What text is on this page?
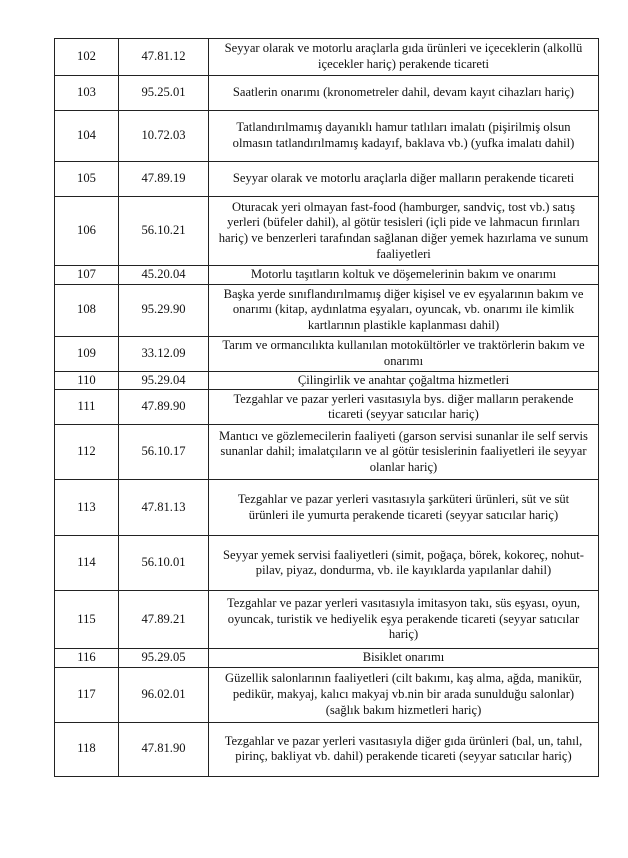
102	47.81.12	Seyyar olarak ve motorlu araçlarla gıda ürünleri ve içeceklerin (alkollü içecekler hariç) perakende ticareti
103	95.25.01	Saatlerin onarımı (kronometreler dahil, devam kayıt cihazları hariç)
104	10.72.03	Tatlandırılmamış dayanıklı hamur tatlıları imalatı (pişirilmiş olsun olmasın tatlandırılmamış kadayıf, baklava vb.) (yufka imalatı dahil)
105	47.89.19	Seyyar olarak ve motorlu araçlarla diğer malların perakende ticareti
106	56.10.21	Oturacak yeri olmayan fast-food (hamburger, sandviç, tost vb.) satış yerleri (büfeler dahil), al götür tesisleri (içli pide ve lahmacun fırınları hariç) ve benzerleri tarafından sağlanan diğer yemek hazırlama ve sunum faaliyetleri
107	45.20.04	Motorlu taşıtların koltuk ve döşemelerinin bakım ve onarımı
108	95.29.90	Başka yerde sınıflandırılmamış diğer kişisel ve ev eşyalarının bakım ve onarımı (kitap, aydınlatma eşyaları, oyuncak, vb. onarımı ile kimlik kartlarının plastikle kaplanması dahil)
109	33.12.09	Tarım ve ormancılıkta kullanılan motokültörler ve traktörlerin bakım ve onarımı
110	95.29.04	Çilingirlik ve anahtar çoğaltma hizmetleri
111	47.89.90	Tezgahlar ve pazar yerleri vasıtasıyla bys. diğer malların perakende ticareti (seyyar satıcılar hariç)
112	56.10.17	Mantıcı ve gözlemecilerin faaliyeti (garson servisi sunanlar ile self servis sunanlar dahil; imalatçıların ve al götür tesislerinin faaliyetleri ile seyyar olanlar hariç)
113	47.81.13	Tezgahlar ve pazar yerleri vasıtasıyla şarküteri ürünleri, süt ve süt ürünleri ile yumurta perakende ticareti (seyyar satıcılar hariç)
114	56.10.01	Seyyar yemek servisi faaliyetleri (simit, poğaça, börek, kokoreç, nohut-pilav, piyaz, dondurma, vb. ile kayıklarda yapılanlar dahil)
115	47.89.21	Tezgahlar ve pazar yerleri vasıtasıyla imitasyon takı, süs eşyası, oyun, oyuncak, turistik ve hediyelik eşya perakende ticareti (seyyar satıcılar hariç)
116	95.29.05	Bisiklet onarımı
117	96.02.01	Güzellik salonlarının faaliyetleri (cilt bakımı, kaş alma, ağda, manikür, pedikür, makyaj, kalıcı makyaj vb.nin bir arada sunulduğu salonlar) (sağlık bakım hizmetleri hariç)
118	47.81.90	Tezgahlar ve pazar yerleri vasıtasıyla diğer gıda ürünleri (bal, un, tahıl, pirinç, bakliyat vb. dahil) perakende ticareti (seyyar satıcılar hariç)
